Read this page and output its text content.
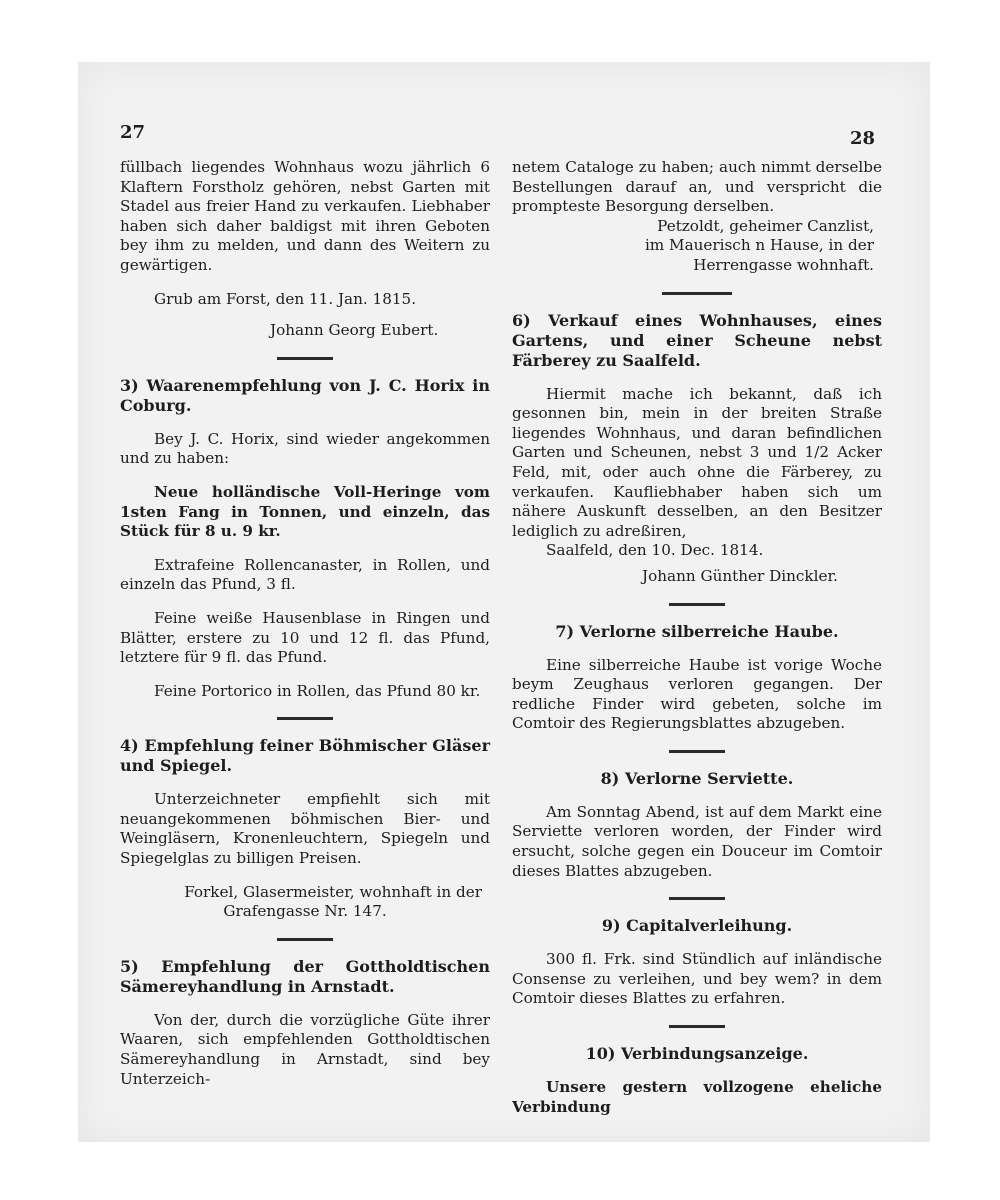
27	28

füllbach liegendes Wohnhaus wozu jährlich 6 Klaftern Forstholz gehören, nebst Garten mit Stadel aus freier Hand zu verkaufen. Liebhaber haben sich daher baldigst mit ihren Geboten bey ihm zu melden, und dann des Weitern zu gewärtigen.

Grub am Forst, den 11. Jan. 1815.

Johann Georg Eubert.

3) Waarenempfehlung von J. C. Horix in Coburg.

Bey J. C. Horix, sind wieder angekommen und zu haben:

Neue holländische Voll-Heringe vom 1sten Fang in Tonnen, und einzeln, das Stück für 8 u. 9 kr.

Extrafeine Rollencanaster, in Rollen, und einzeln das Pfund, 3 fl.

Feine weiße Hausenblase in Ringen und Blätter, erstere zu 10 und 12 fl. das Pfund, letztere für 9 fl. das Pfund.

Feine Portorico in Rollen, das Pfund 80 kr.

4) Empfehlung feiner Böhmischer Gläser und Spiegel.

Unterzeichneter empfiehlt sich mit neuangekommenen böhmischen Bier- und Weingläsern, Kronenleuchtern, Spiegeln und Spiegelglas zu billigen Preisen.

Forkel, Glasermeister, wohnhaft in der

Grafengasse Nr. 147.

5) Empfehlung der Gottholdtischen Sämereyhandlung in Arnstadt.

Von der, durch die vorzügliche Güte ihrer Waaren, sich empfehlenden Gottholdtischen Sämereyhandlung in Arnstadt, sind bey Unterzeich-

netem Cataloge zu haben; auch nimmt derselbe Bestellungen darauf an, und verspricht die prompteste Besorgung derselben.

Petzoldt, geheimer Canzlist,

im Mauerisch n Hause, in der

Herrengasse wohnhaft.

6) Verkauf eines Wohnhauses, eines Gartens, und einer Scheune nebst Färberey zu Saalfeld.

Hiermit mache ich bekannt, daß ich gesonnen bin, mein in der breiten Straße liegendes Wohnhaus, und daran befindlichen Garten und Scheunen, nebst 3 und 1/2 Acker Feld, mit, oder auch ohne die Färberey, zu verkaufen. Kaufliebhaber haben sich um nähere Auskunft desselben, an den Besitzer lediglich zu adreßiren,

Saalfeld, den 10. Dec. 1814.

Johann Günther Dinckler.

7) Verlorne silberreiche Haube.

Eine silberreiche Haube ist vorige Woche beym Zeughaus verloren gegangen. Der redliche Finder wird gebeten, solche im Comtoir des Regierungsblattes abzugeben.

8) Verlorne Serviette.

Am Sonntag Abend, ist auf dem Markt eine Serviette verloren worden, der Finder wird ersucht, solche gegen ein Douceur im Comtoir dieses Blattes abzugeben.

9) Capitalverleihung.

300 fl. Frk. sind Stündlich auf inländische Consense zu verleihen, und bey wem? in dem Comtoir dieses Blattes zu erfahren.

10) Verbindungsanzeige.

Unsere gestern vollzogene eheliche Verbindung
